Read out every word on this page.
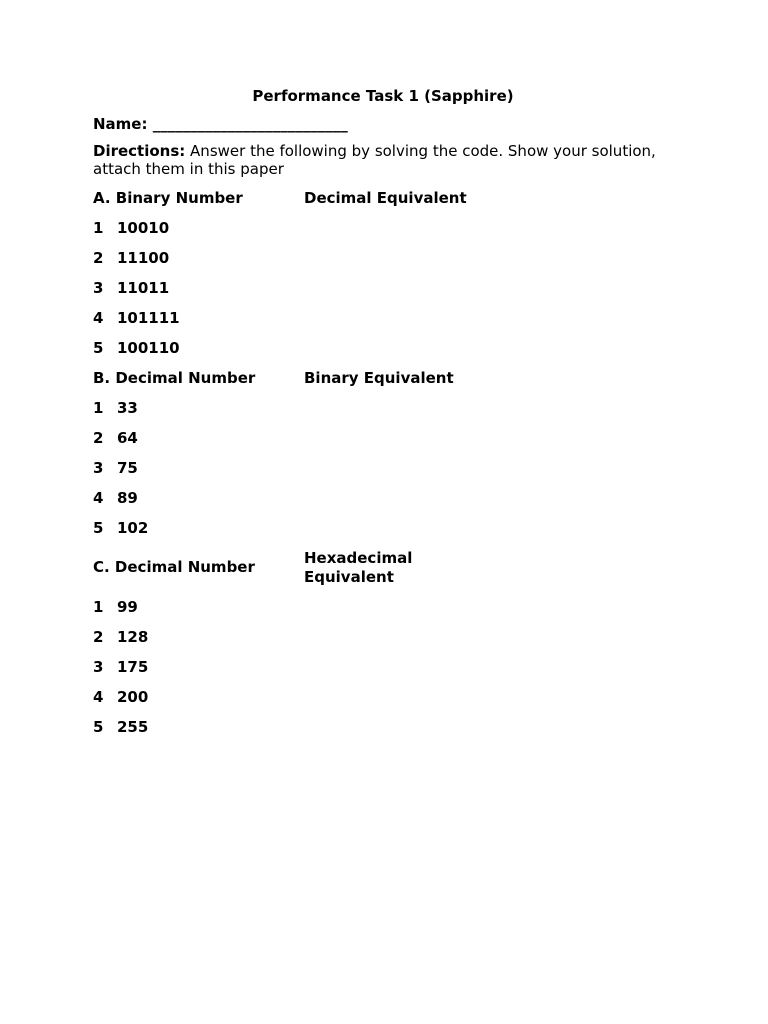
Performance Task 1 (Sapphire)
Name: __________________________
Directions: Answer the following by solving the code. Show your solution, attach them in this paper
A. Binary Number	Decimal Equivalent
1 10010
2 11100
3 11011
4 101111
5 100110
B. Decimal Number	Binary Equivalent
1 33
2 64
3 75
4 89
5 102
C. Decimal Number
Hexadecimal Equivalent
1 99
2 128
3 175
4 200
5 255
